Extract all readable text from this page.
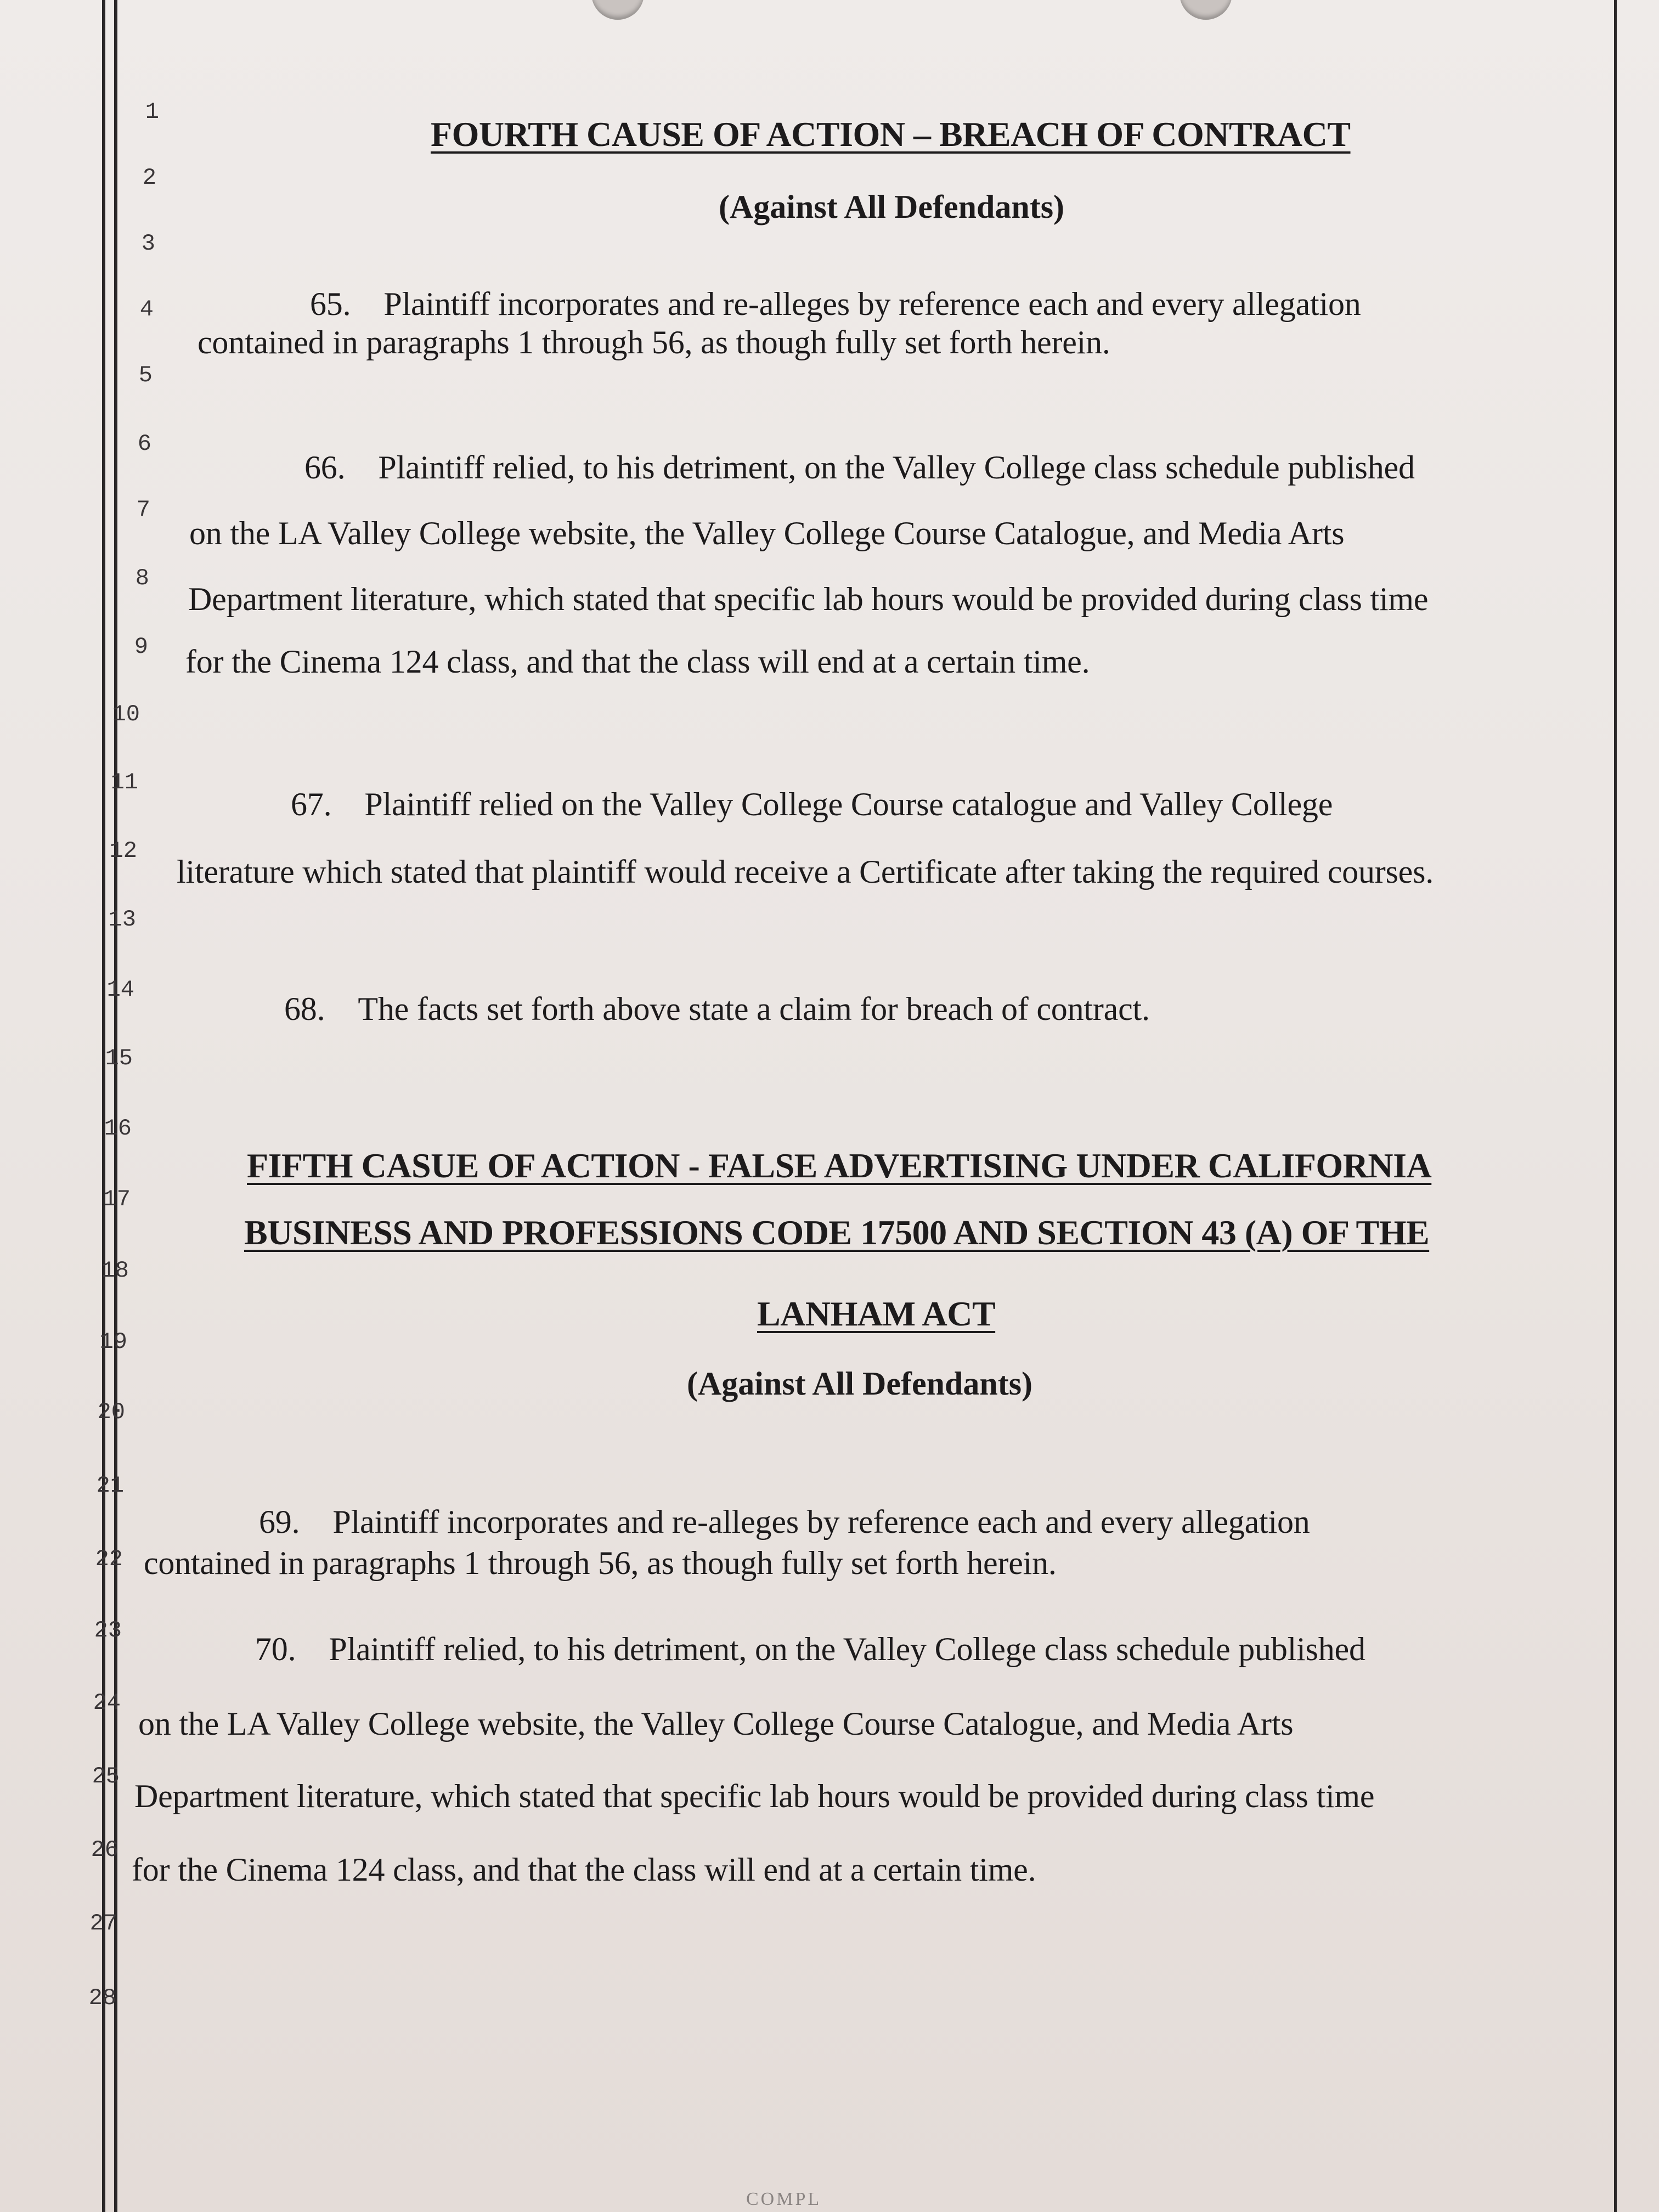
1
2
3
4
5
6
7
8
9
10
11
12
13
14
15
16
17
18
19
20
21
22
23
24
25
26
27
28
FOURTH CAUSE OF ACTION – BREACH OF CONTRACT
(Against All Defendants)
65. Plaintiff incorporates and re-alleges by reference each and every allegation
contained in paragraphs 1 through 56, as though fully set forth herein.
66. Plaintiff relied, to his detriment, on the Valley College class schedule published
on the LA Valley College website, the Valley College Course Catalogue, and Media Arts
Department literature, which stated that specific lab hours would be provided during class time
for the Cinema 124 class, and that the class will end at a certain time.
67. Plaintiff relied on the Valley College Course catalogue and Valley College
literature which stated that plaintiff would receive a Certificate after taking the required courses.
68. The facts set forth above state a claim for breach of contract.
FIFTH CASUE OF ACTION - FALSE ADVERTISING UNDER CALIFORNIA
BUSINESS AND PROFESSIONS CODE 17500 AND SECTION 43 (A) OF THE
LANHAM ACT
(Against All Defendants)
69. Plaintiff incorporates and re-alleges by reference each and every allegation
contained in paragraphs 1 through 56, as though fully set forth herein.
70. Plaintiff relied, to his detriment, on the Valley College class schedule published
on the LA Valley College website, the Valley College Course Catalogue, and Media Arts
Department literature, which stated that specific lab hours would be provided during class time
for the Cinema 124 class, and that the class will end at a certain time.
COMPL
